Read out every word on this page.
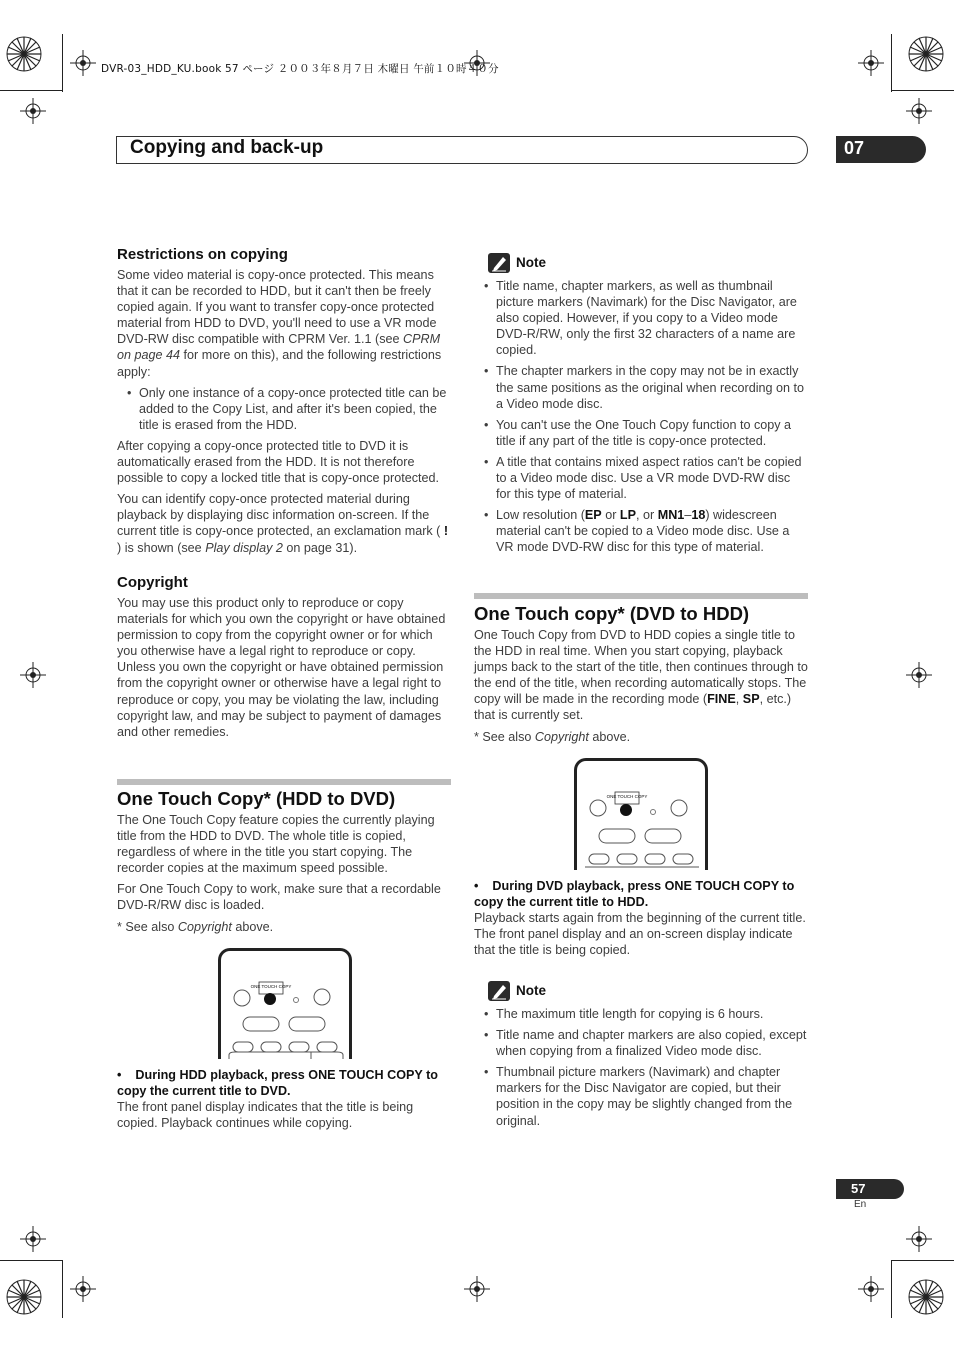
DVR-03_HDD_KU.book 57 ページ ２００３年８月７日 木曜日 午前１０時４０分
Copying and back-up	07
Restrictions on copying

Some video material is copy-once protected. This means that it can be recorded to HDD, but it can't then be freely copied again. If you want to transfer copy-once protected material from HDD to DVD, you'll need to use a VR mode DVD-RW disc compatible with CPRM Ver. 1.1 (see CPRM on page 44 for more on this), and the following restrictions apply:

• Only one instance of a copy-once protected title can be added to the Copy List, and after it's been copied, the title is erased from the HDD.

After copying a copy-once protected title to DVD it is automatically erased from the HDD. It is not therefore possible to copy a locked title that is copy-once protected.

You can identify copy-once protected material during playback by displaying disc information on-screen. If the current title is copy-once protected, an exclamation mark ( ! ) is shown (see Play display 2 on page 31).

Copyright

You may use this product only to reproduce or copy materials for which you own the copyright or have obtained permission to copy from the copyright owner or for which you otherwise have a legal right to reproduce or copy. Unless you own the copyright or have obtained permission from the copyright owner or otherwise have a legal right to reproduce or copy, you may be violating the law, including copyright law, and may be subject to payment of damages and other remedies.

One Touch Copy* (HDD to DVD)

The One Touch Copy feature copies the currently playing title from the HDD to DVD. The whole title is copied, regardless of where in the title you start copying. The recorder copies at the maximum speed possible.

For One Touch Copy to work, make sure that a recordable DVD-R/RW disc is loaded.

* See also Copyright above.

ONE TOUCH COPY

•    During HDD playback, press ONE TOUCH COPY to copy the current title to DVD.

The front panel display indicates that the title is being copied. Playback continues while copying.

Note
• Title name, chapter markers, as well as thumbnail picture markers (Navimark) for the Disc Navigator, are also copied. However, if you copy to a Video mode DVD-R/RW, only the first 32 characters of a name are copied.
• The chapter markers in the copy may not be in exactly the same positions as the original when recording on to a Video mode disc.
• You can't use the One Touch Copy function to copy a title if any part of the title is copy-once protected.
• A title that contains mixed aspect ratios can't be copied to a Video mode disc. Use a VR mode DVD-RW disc for this type of material.
• Low resolution (EP or LP, or MN1–18) widescreen material can't be copied to a Video mode disc. Use a VR mode DVD-RW disc for this type of material.
One Touch copy* (DVD to HDD)

One Touch Copy from DVD to HDD copies a single title to the HDD in real time. When you start copying, playback jumps back to the start of the title, then continues through to the end of the title, when recording automatically stops. The copy will be made in the recording mode (FINE, SP, etc.) that is currently set.

* See also Copyright above.

ONE TOUCH COPY

•    During DVD playback, press ONE TOUCH COPY to copy the current title to HDD.

Playback starts again from the beginning of the current title. The front panel display and an on-screen display indicate that the title is being copied.

Note
• The maximum title length for copying is 6 hours.
• Title name and chapter markers are also copied, except when copying from a finalized Video mode disc.
• Thumbnail picture markers (Navimark) and chapter markers for the Disc Navigator are copied, but their position in the copy may be slightly changed from the original.
57
En
